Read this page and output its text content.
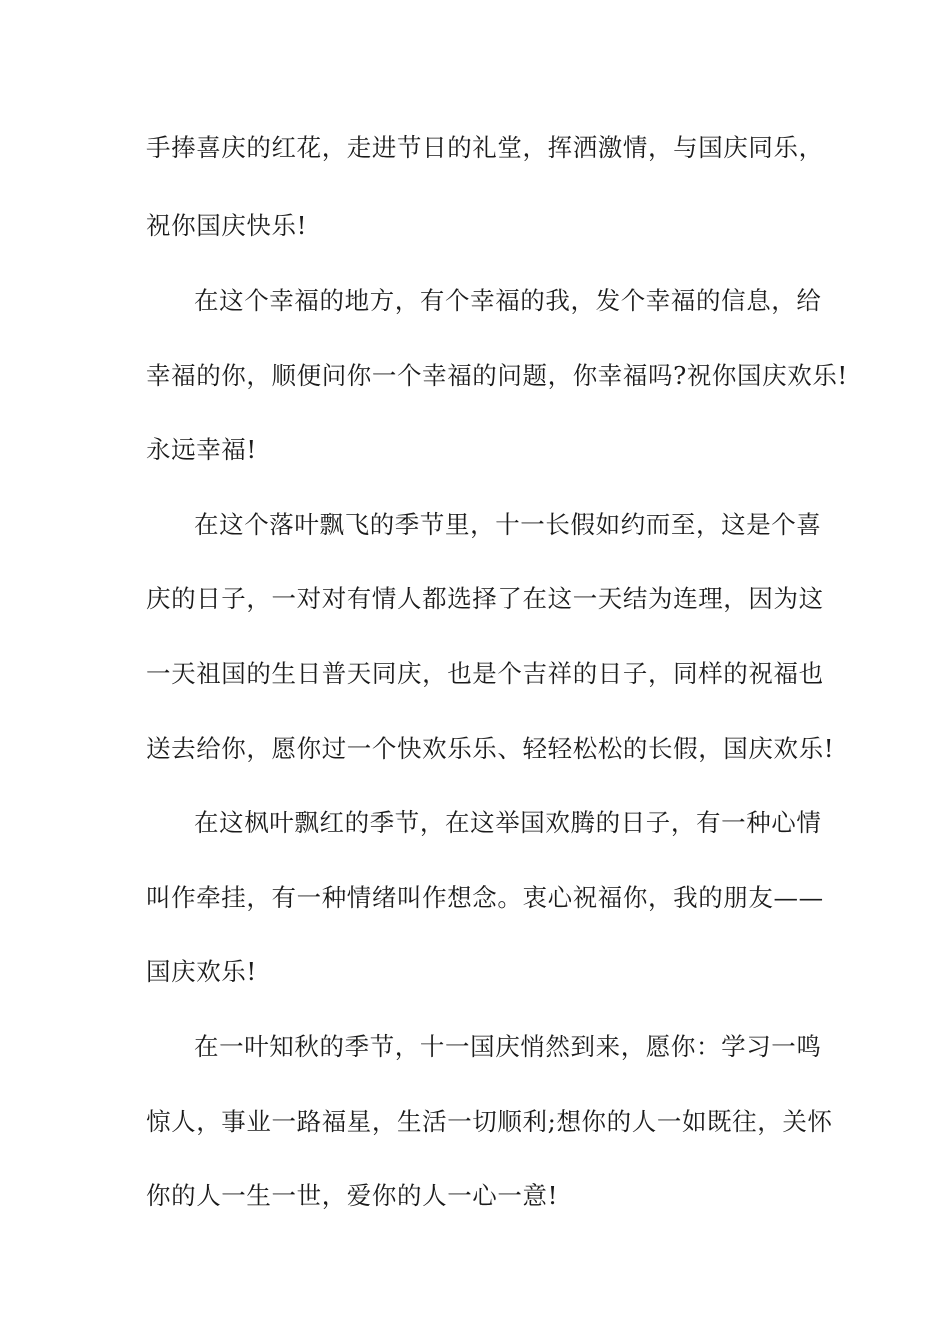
手捧喜庆的红花，走进节日的礼堂，挥洒激情，与国庆同乐，
祝你国庆快乐!
在这个幸福的地方，有个幸福的我，发个幸福的信息，给
幸福的你，顺便问你一个幸福的问题，你幸福吗?祝你国庆欢乐!
永远幸福!
在这个落叶飘飞的季节里，十一长假如约而至，这是个喜
庆的日子，一对对有情人都选择了在这一天结为连理，因为这
一天祖国的生日普天同庆，也是个吉祥的日子，同样的祝福也
送去给你，愿你过一个快欢乐乐、轻轻松松的长假，国庆欢乐!
在这枫叶飘红的季节，在这举国欢腾的日子，有一种心情
叫作牵挂，有一种情绪叫作想念。衷心祝福你，我的朋友——
国庆欢乐!
在一叶知秋的季节，十一国庆悄然到来，愿你：学习一鸣
惊人，事业一路福星，生活一切顺利;想你的人一如既往，关怀
你的人一生一世，爱你的人一心一意!
